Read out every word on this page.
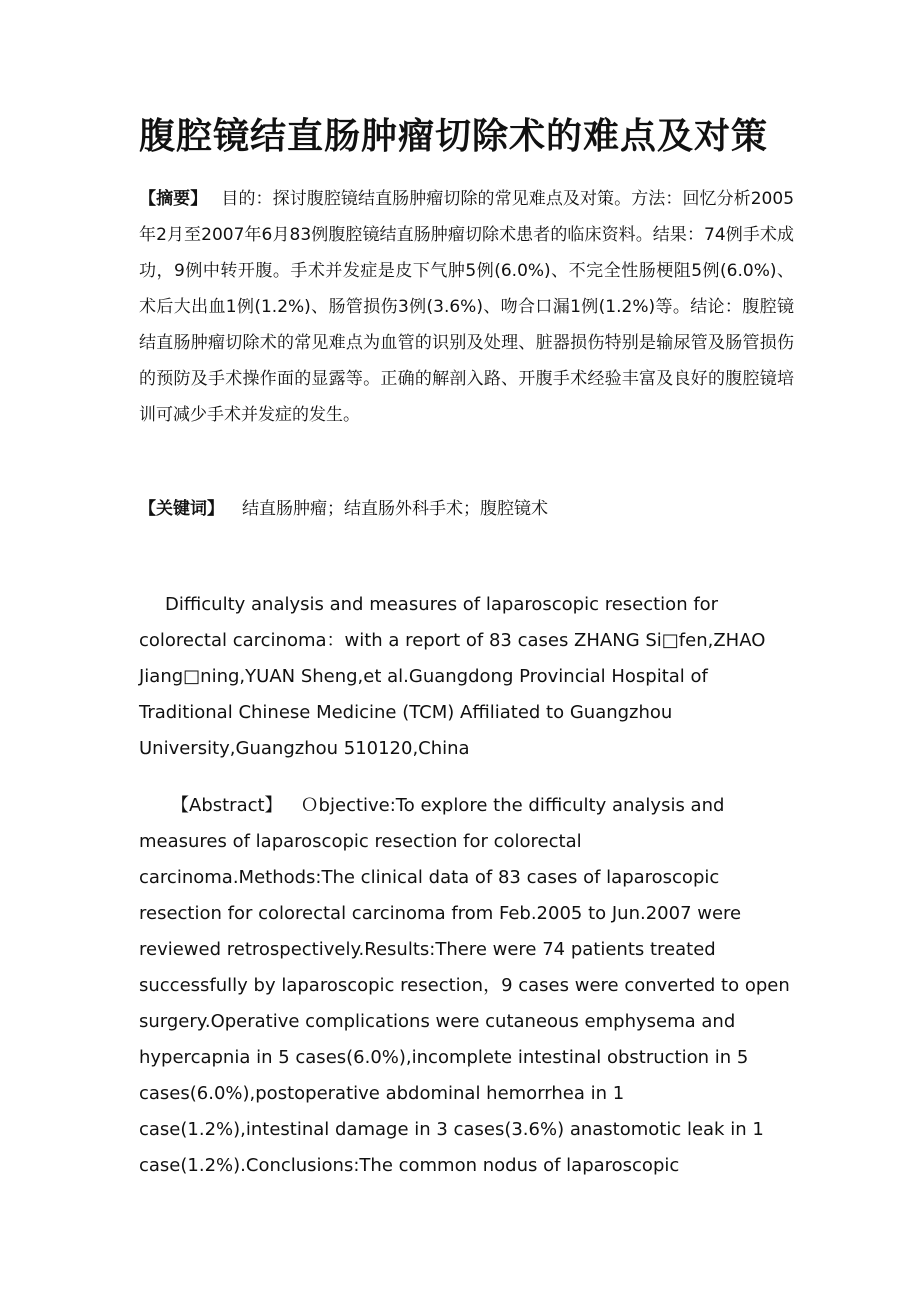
腹腔镜结直肠肿瘤切除术的难点及对策
【摘要】 目的：探讨腹腔镜结直肠肿瘤切除的常见难点及对策。方法：回忆分析2005年2月至2007年6月83例腹腔镜结直肠肿瘤切除术患者的临床资料。结果：74例手术成功，9例中转开腹。手术并发症是皮下气肿5例(6.0%)、不完全性肠梗阻5例(6.0%)、术后大出血1例(1.2%)、肠管损伤3例(3.6%)、吻合口漏1例(1.2%)等。结论：腹腔镜结直肠肿瘤切除术的常见难点为血管的识别及处理、脏器损伤特别是输尿管及肠管损伤的预防及手术操作面的显露等。正确的解剖入路、开腹手术经验丰富及良好的腹腔镜培训可减少手术并发症的发生。
【关键词】 结直肠肿瘤；结直肠外科手术；腹腔镜术
Difficulty analysis and measures of laparoscopic resection for colorectal carcinoma：with a report of 83 cases ZHANG Si□fen,ZHAO Jiang□ning,YUAN Sheng,et al.Guangdong Provincial Hospital of Traditional Chinese Medicine (TCM) Affiliated to Guangzhou University,Guangzhou 510120,China
【Abstract】 Ｏbjective:To explore the difficulty analysis and measures of laparoscopic resection for colorectal carcinoma.Methods:The clinical data of 83 cases of laparoscopic resection for colorectal carcinoma from Feb.2005 to Jun.2007 were reviewed retrospectively.Results:There were 74 patients treated successfully by laparoscopic resection，9 cases were converted to open surgery.Operative complications were cutaneous emphysema and hypercapnia in 5 cases(6.0%),incomplete intestinal obstruction in 5 cases(6.0%),postoperative abdominal hemorrhea in 1 case(1.2%),intestinal damage in 3 cases(3.6%) anastomotic leak in 1 case(1.2%).Conclusions:The common nodus of laparoscopic
